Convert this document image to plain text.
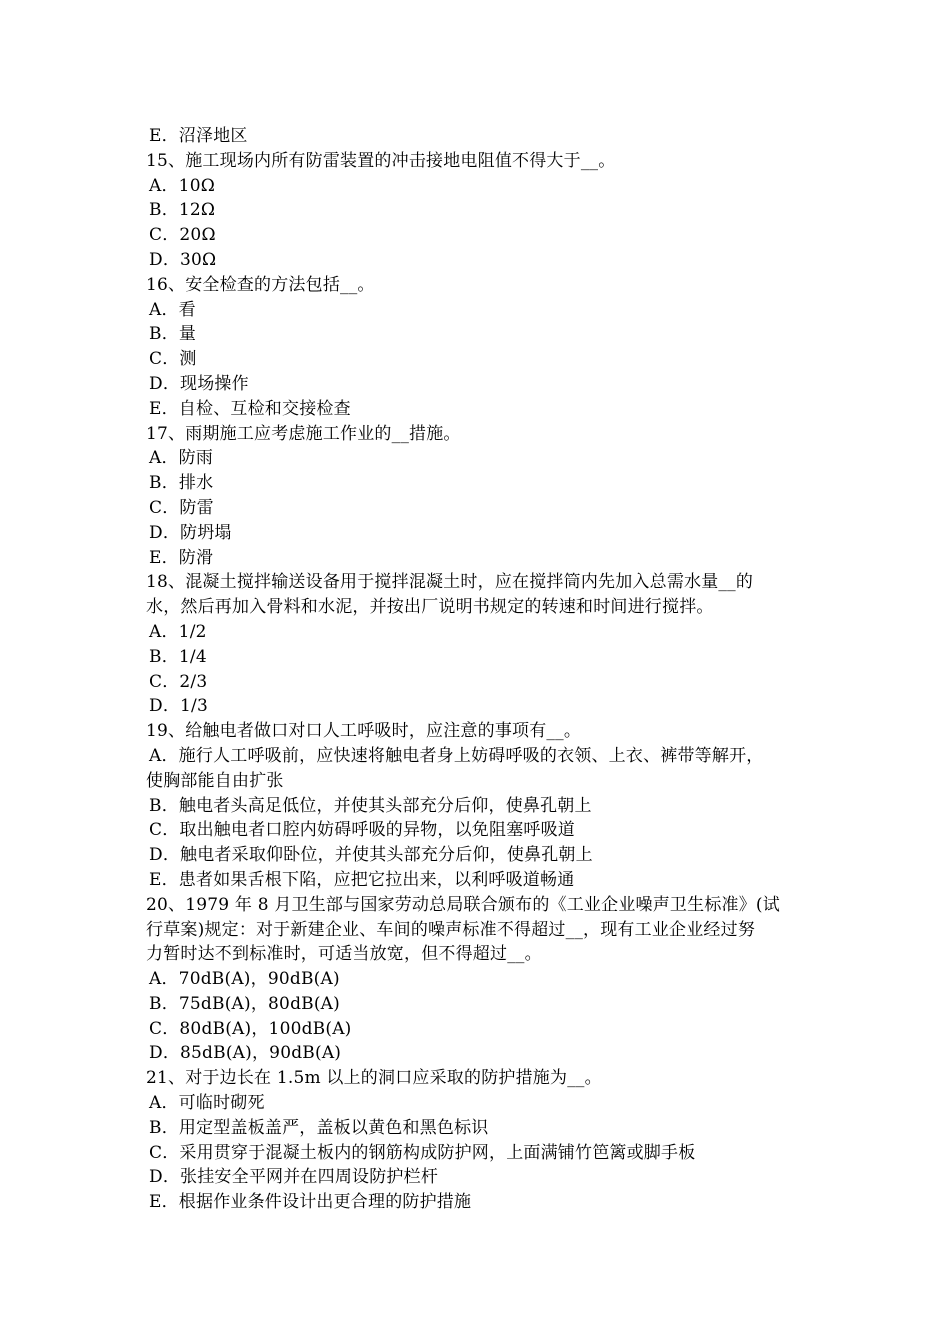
E．沼泽地区

15、施工现场内所有防雷装置的冲击接地电阻值不得大于__。

A．10Ω

B．12Ω

C．20Ω

D．30Ω

16、安全检查的方法包括__。

A．看

B．量

C．测

D．现场操作

E．自检、互检和交接检查

17、雨期施工应考虑施工作业的__措施。

A．防雨

B．排水

C．防雷

D．防坍塌

E．防滑

18、混凝土搅拌输送设备用于搅拌混凝土时，应在搅拌筒内先加入总需水量__的

水，然后再加入骨料和水泥，并按出厂说明书规定的转速和时间进行搅拌。

A．1/2

B．1/4

C．2/3

D．1/3

19、给触电者做口对口人工呼吸时，应注意的事项有__。

A．施行人工呼吸前，应快速将触电者身上妨碍呼吸的衣领、上衣、裤带等解开，

使胸部能自由扩张

B．触电者头高足低位，并使其头部充分后仰，使鼻孔朝上

C．取出触电者口腔内妨碍呼吸的异物，以免阻塞呼吸道

D．触电者采取仰卧位，并使其头部充分后仰，使鼻孔朝上

E．患者如果舌根下陷，应把它拉出来，以利呼吸道畅通

20、1979 年 8 月卫生部与国家劳动总局联合颁布的《工业企业噪声卫生标准》(试

行草案)规定：对于新建企业、车间的噪声标准不得超过__，现有工业企业经过努

力暂时达不到标准时，可适当放宽，但不得超过__。

A．70dB(A)，90dB(A)

B．75dB(A)，80dB(A)

C．80dB(A)，100dB(A)

D．85dB(A)，90dB(A)

21、对于边长在 1.5m 以上的洞口应采取的防护措施为__。

A．可临时砌死

B．用定型盖板盖严，盖板以黄色和黑色标识

C．采用贯穿于混凝土板内的钢筋构成防护网，上面满铺竹笆篱或脚手板

D．张挂安全平网并在四周设防护栏杆

E．根据作业条件设计出更合理的防护措施
